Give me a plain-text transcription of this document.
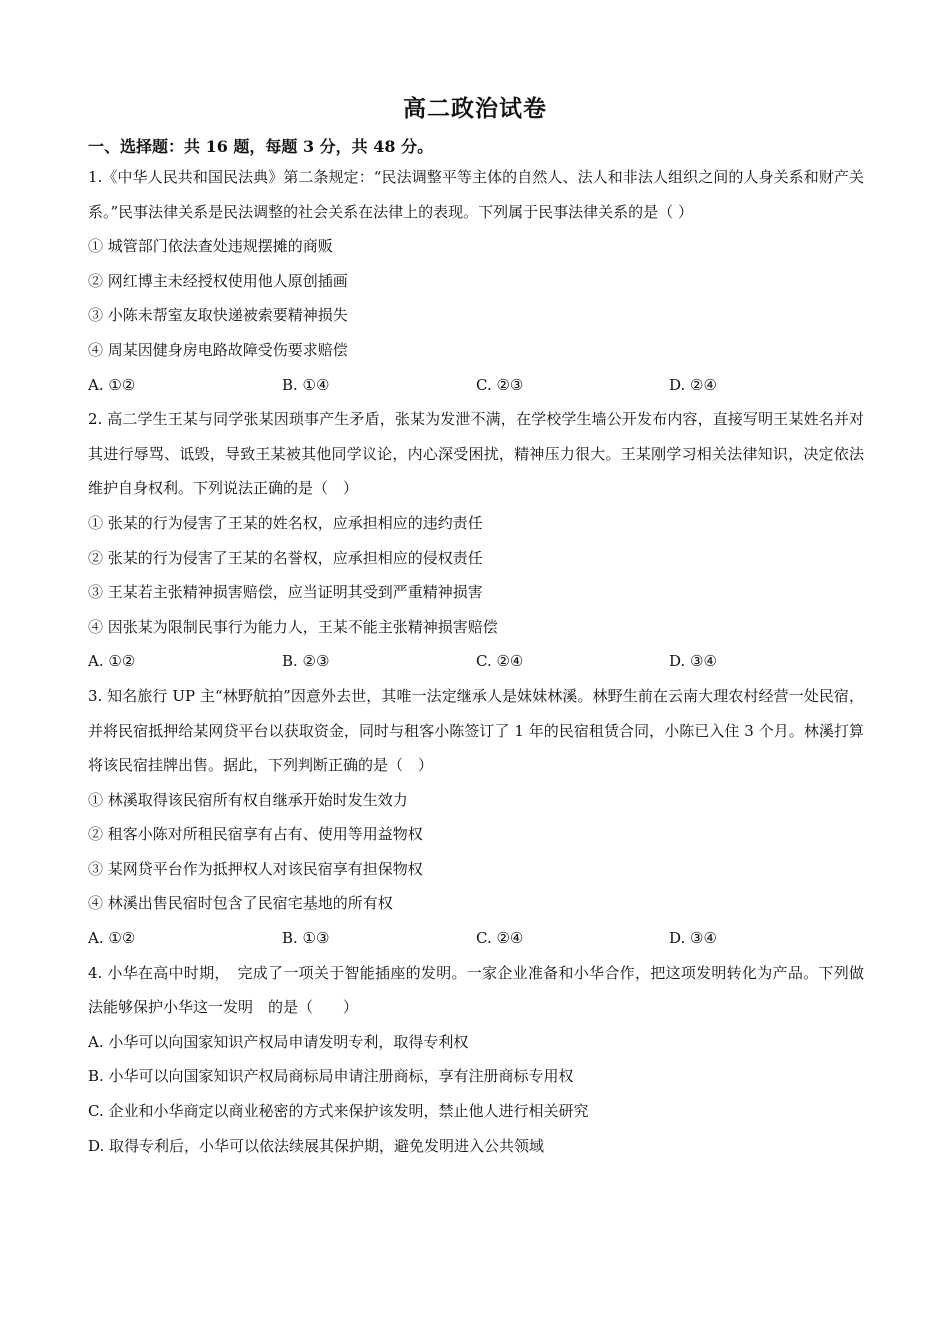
高二政治试卷
一、选择题：共 16 题，每题 3 分，共 48 分。
1.《中华人民共和国民法典》第二条规定：“民法调整平等主体的自然人、法人和非法人组织之间的人身关系和财产关系。”民事法律关系是民法调整的社会关系在法律上的表现。下列属于民事法律关系的是（ ）
① 城管部门依法查处违规摆摊的商贩
② 网红博主未经授权使用他人原创插画
③ 小陈未帮室友取快递被索要精神损失
④ 周某因健身房电路故障受伤要求赔偿
A. ①②	B. ①④	C. ②③	D. ②④
2. 高二学生王某与同学张某因琐事产生矛盾，张某为发泄不满，在学校学生墙公开发布内容，直接写明王某姓名并对其进行辱骂、诋毁，导致王某被其他同学议论，内心深受困扰，精神压力很大。王某刚学习相关法律知识，决定依法维护自身权利。下列说法正确的是（　）
① 张某的行为侵害了王某的姓名权，应承担相应的违约责任
② 张某的行为侵害了王某的名誉权，应承担相应的侵权责任
③ 王某若主张精神损害赔偿，应当证明其受到严重精神损害
④ 因张某为限制民事行为能力人，王某不能主张精神损害赔偿
A. ①②	B. ②③	C. ②④	D. ③④
3. 知名旅行 UP 主“林野航拍”因意外去世，其唯一法定继承人是妹妹林溪。林野生前在云南大理农村经营一处民宿，并将民宿抵押给某网贷平台以获取资金，同时与租客小陈签订了 1 年的民宿租赁合同，小陈已入住 3 个月。林溪打算将该民宿挂牌出售。据此，下列判断正确的是（　）
① 林溪取得该民宿所有权自继承开始时发生效力
② 租客小陈对所租民宿享有占有、使用等用益物权
③ 某网贷平台作为抵押权人对该民宿享有担保物权
④ 林溪出售民宿时包含了民宿宅基地的所有权
A. ①②	B. ①③	C. ②④	D. ③④
4. 小华在高中时期，　完成了一项关于智能插座的发明。一家企业准备和小华合作，把这项发明转化为产品。下列做法能够保护小华这一发明　的是（　　）
A. 小华可以向国家知识产权局申请发明专利，取得专利权
B. 小华可以向国家知识产权局商标局申请注册商标，享有注册商标专用权
C. 企业和小华商定以商业秘密的方式来保护该发明，禁止他人进行相关研究
D. 取得专利后，小华可以依法续展其保护期，避免发明进入公共领域
